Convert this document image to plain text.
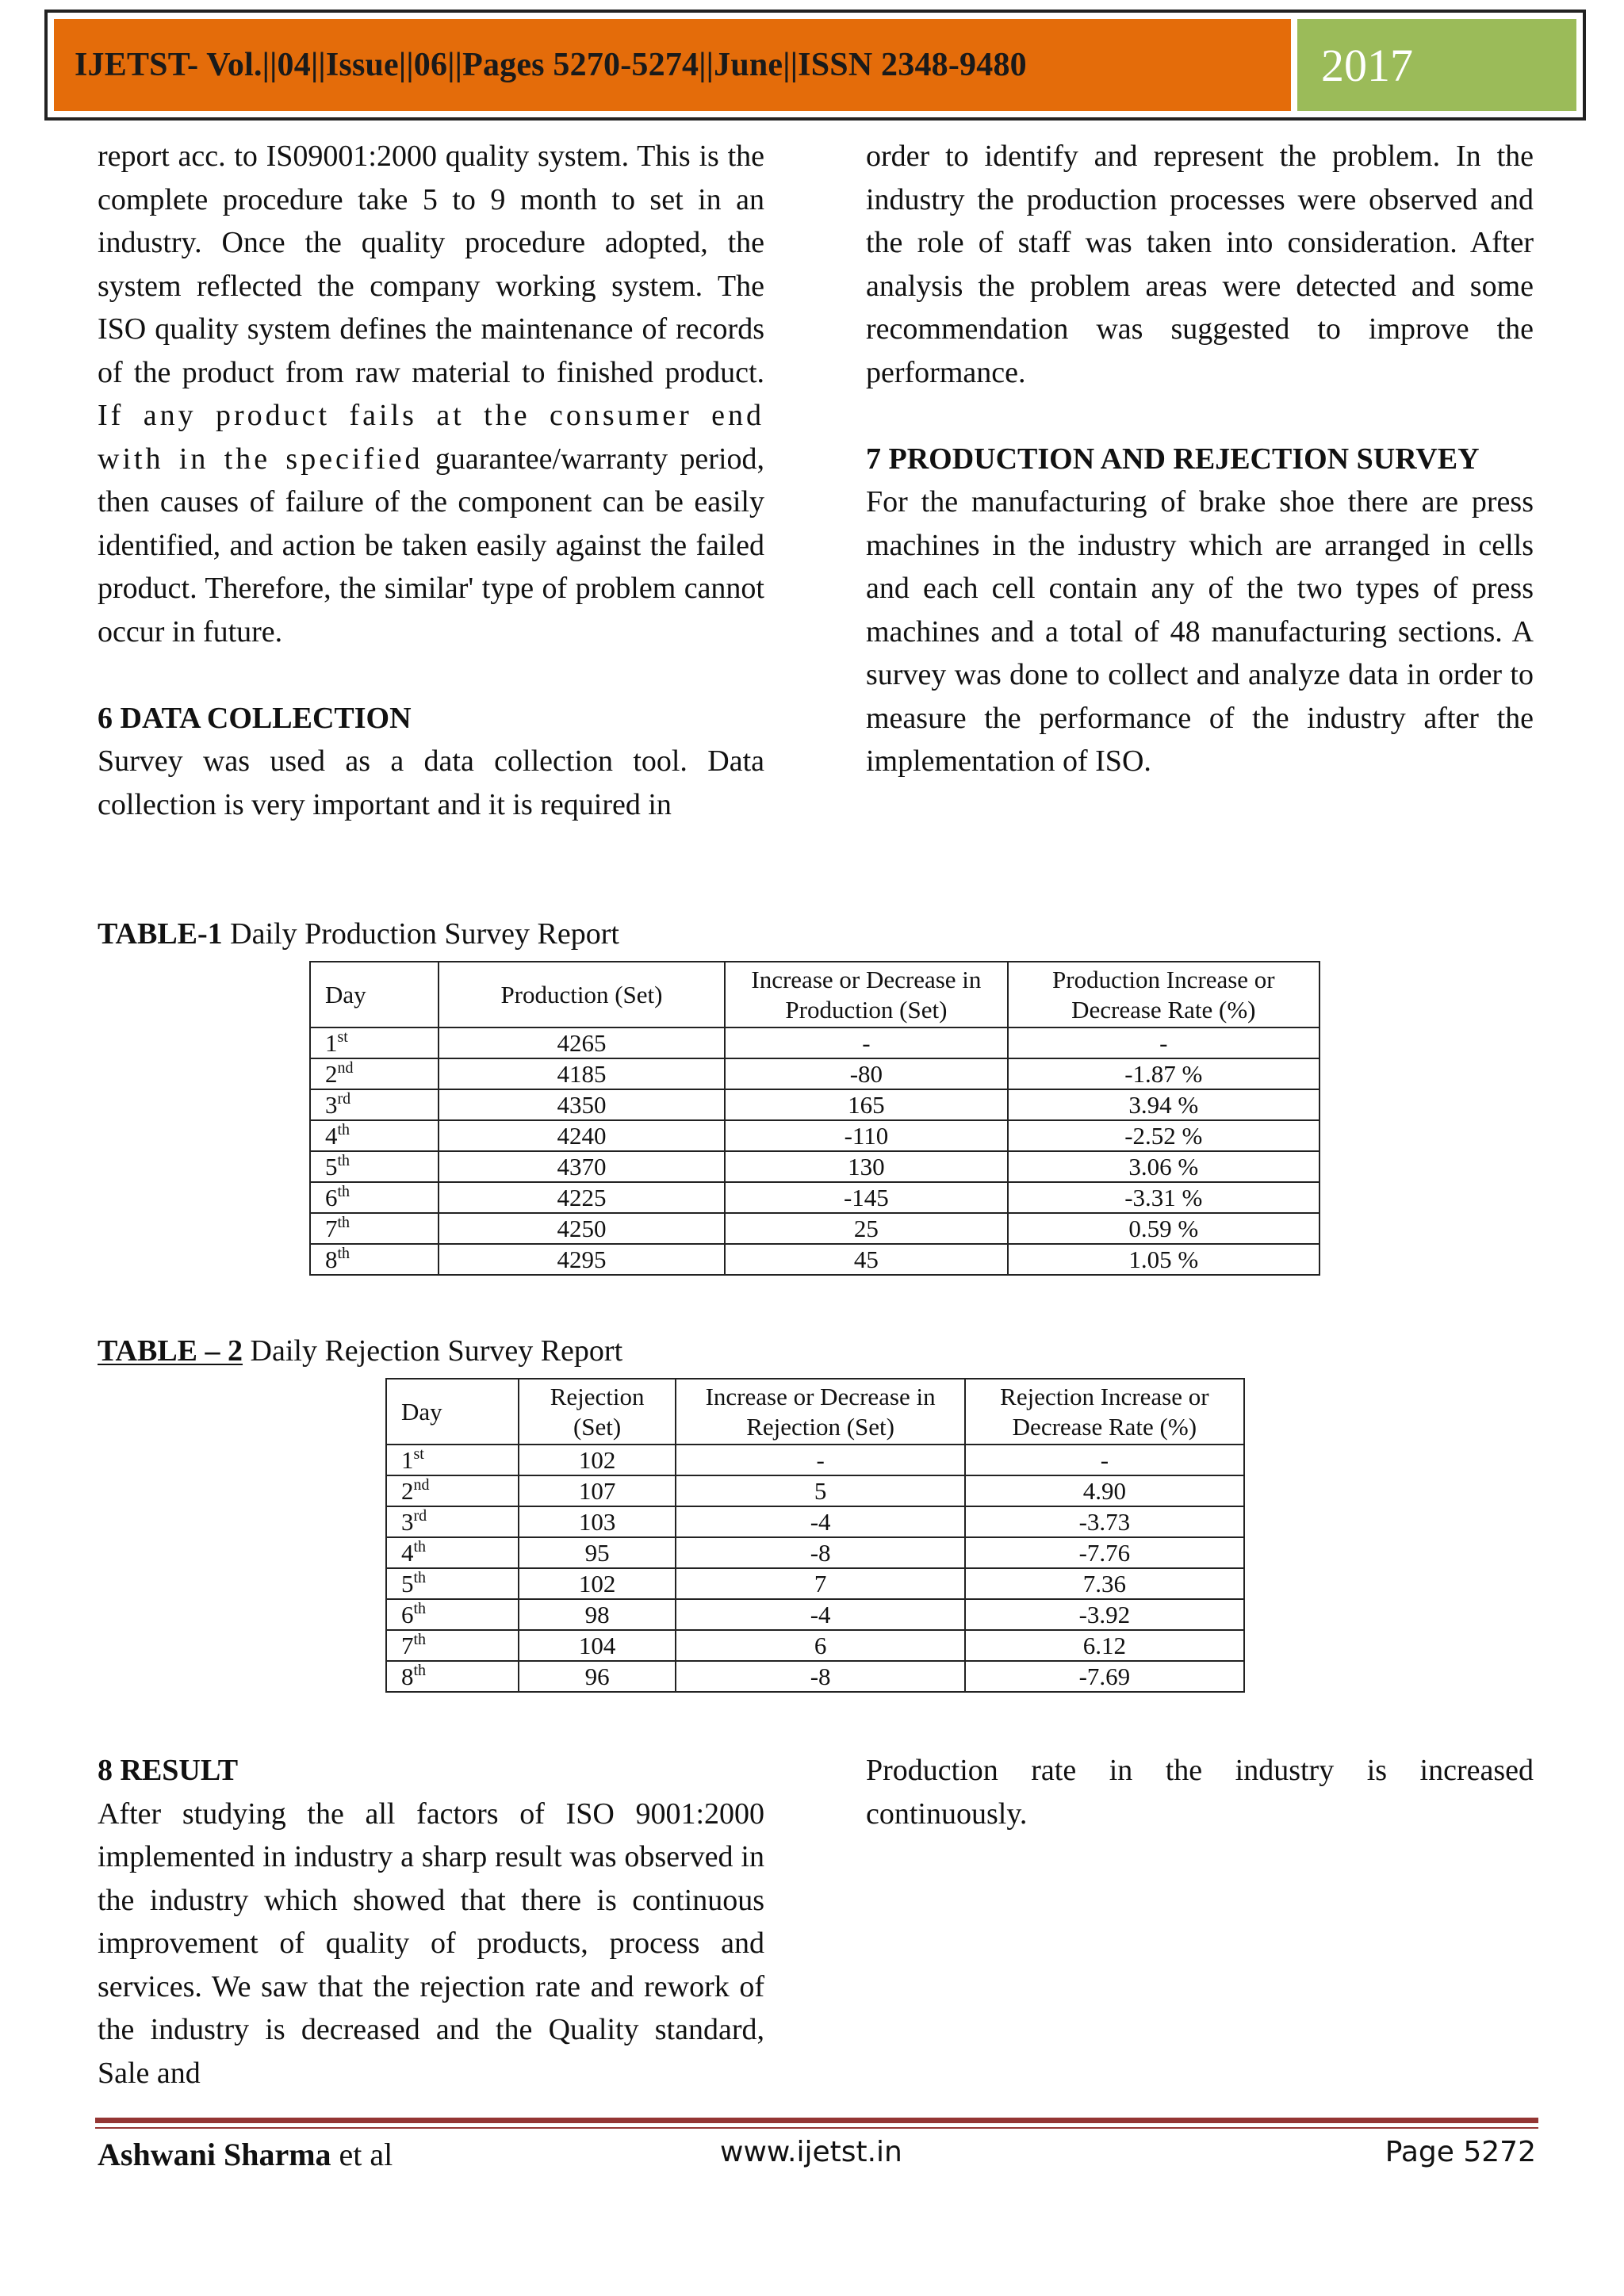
IJETST- Vol.||04||Issue||06||Pages 5270-5274||June||ISSN 2348-9480	2017

report acc. to IS09001:2000 quality system. This is the complete procedure take 5 to 9 month to set in an industry. Once the quality procedure adopted, the system reflected the company working system. The ISO quality system defines the maintenance of records of the product from raw material to finished product. If any product fails at the consumer end with in the specified guarantee/warranty period, then causes of failure of the component can be easily identified, and action be taken easily against the failed product. Therefore, the similar' type of problem cannot occur in future.

6 DATA COLLECTION

Survey was used as a data collection tool. Data collection is very important and it is required in

order to identify and represent the problem. In the industry the production processes were observed and the role of staff was taken into consideration. After analysis the problem areas were detected and some recommendation was suggested to improve the performance.

7 PRODUCTION AND REJECTION SURVEY

For the manufacturing of brake shoe there are press machines in the industry which are arranged in cells and each cell contain any of the two types of press machines and a total of 48 manufacturing sections. A survey was done to collect and analyze data in order to measure the performance of the industry after the implementation of ISO.

TABLE-1 Daily Production Survey Report
Day	Production (Set)	Increase or Decrease in Production (Set)	Production Increase or Decrease Rate (%)
1st	4265	-	-
2nd	4185	-80	-1.87 %
3rd	4350	165	3.94 %
4th	4240	-110	-2.52 %
5th	4370	130	3.06 %
6th	4225	-145	-3.31 %
7th	4250	25	0.59 %
8th	4295	45	1.05 %
TABLE – 2 Daily Rejection Survey Report
Day	Rejection (Set)	Increase or Decrease in Rejection (Set)	Rejection Increase or Decrease Rate (%)
1st	102	-	-
2nd	107	5	4.90
3rd	103	-4	-3.73
4th	95	-8	-7.76
5th	102	7	7.36
6th	98	-4	-3.92
7th	104	6	6.12
8th	96	-8	-7.69

8 RESULT

After studying the all factors of ISO 9001:2000 implemented in industry a sharp result was observed in the industry which showed that there is continuous improvement of quality of products, process and services. We saw that the rejection rate and rework of the industry is decreased and the Quality standard, Sale and

Production rate in the industry is increased continuously.

Ashwani Sharma et al	www.ijetst.in	Page 5272
